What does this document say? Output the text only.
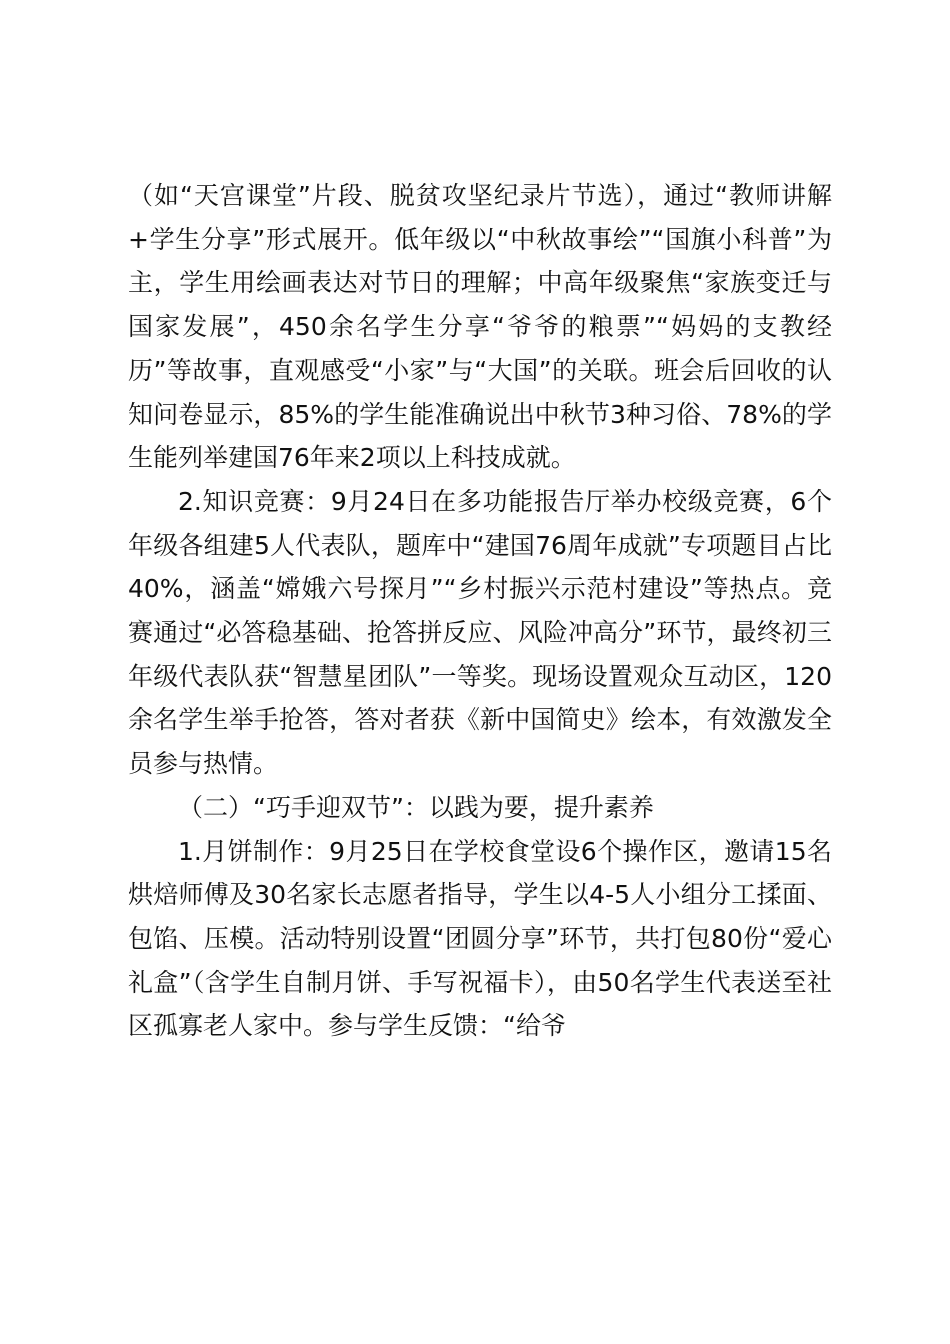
（如“天宫课堂”片段、脱贫攻坚纪录片节选），通过“教师讲解+学生分享”形式展开。低年级以“中秋故事绘”“国旗小科普”为主，学生用绘画表达对节日的理解；中高年级聚焦“家族变迁与国家发展”，450余名学生分享“爷爷的粮票”“妈妈的支教经历”等故事，直观感受“小家”与“大国”的关联。班会后回收的认知问卷显示，85%的学生能准确说出中秋节3种习俗、78%的学生能列举建国76年来2项以上科技成就。

2.知识竞赛：9月24日在多功能报告厅举办校级竞赛，6个年级各组建5人代表队，题库中“建国76周年成就”专项题目占比40%，涵盖“嫦娥六号探月”“乡村振兴示范村建设”等热点。竞赛通过“必答稳基础、抢答拼反应、风险冲高分”环节，最终初三年级代表队获“智慧星团队”一等奖。现场设置观众互动区，120余名学生举手抢答，答对者获《新中国简史》绘本，有效激发全员参与热情。

（二）“巧手迎双节”：以践为要，提升素养

1.月饼制作：9月25日在学校食堂设6个操作区，邀请15名烘焙师傅及30名家长志愿者指导，学生以4-5人小组分工揉面、包馅、压模。活动特别设置“团圆分享”环节，共打包80份“爱心礼盒”（含学生自制月饼、手写祝福卡），由50名学生代表送至社区孤寡老人家中。参与学生反馈：“给爷
